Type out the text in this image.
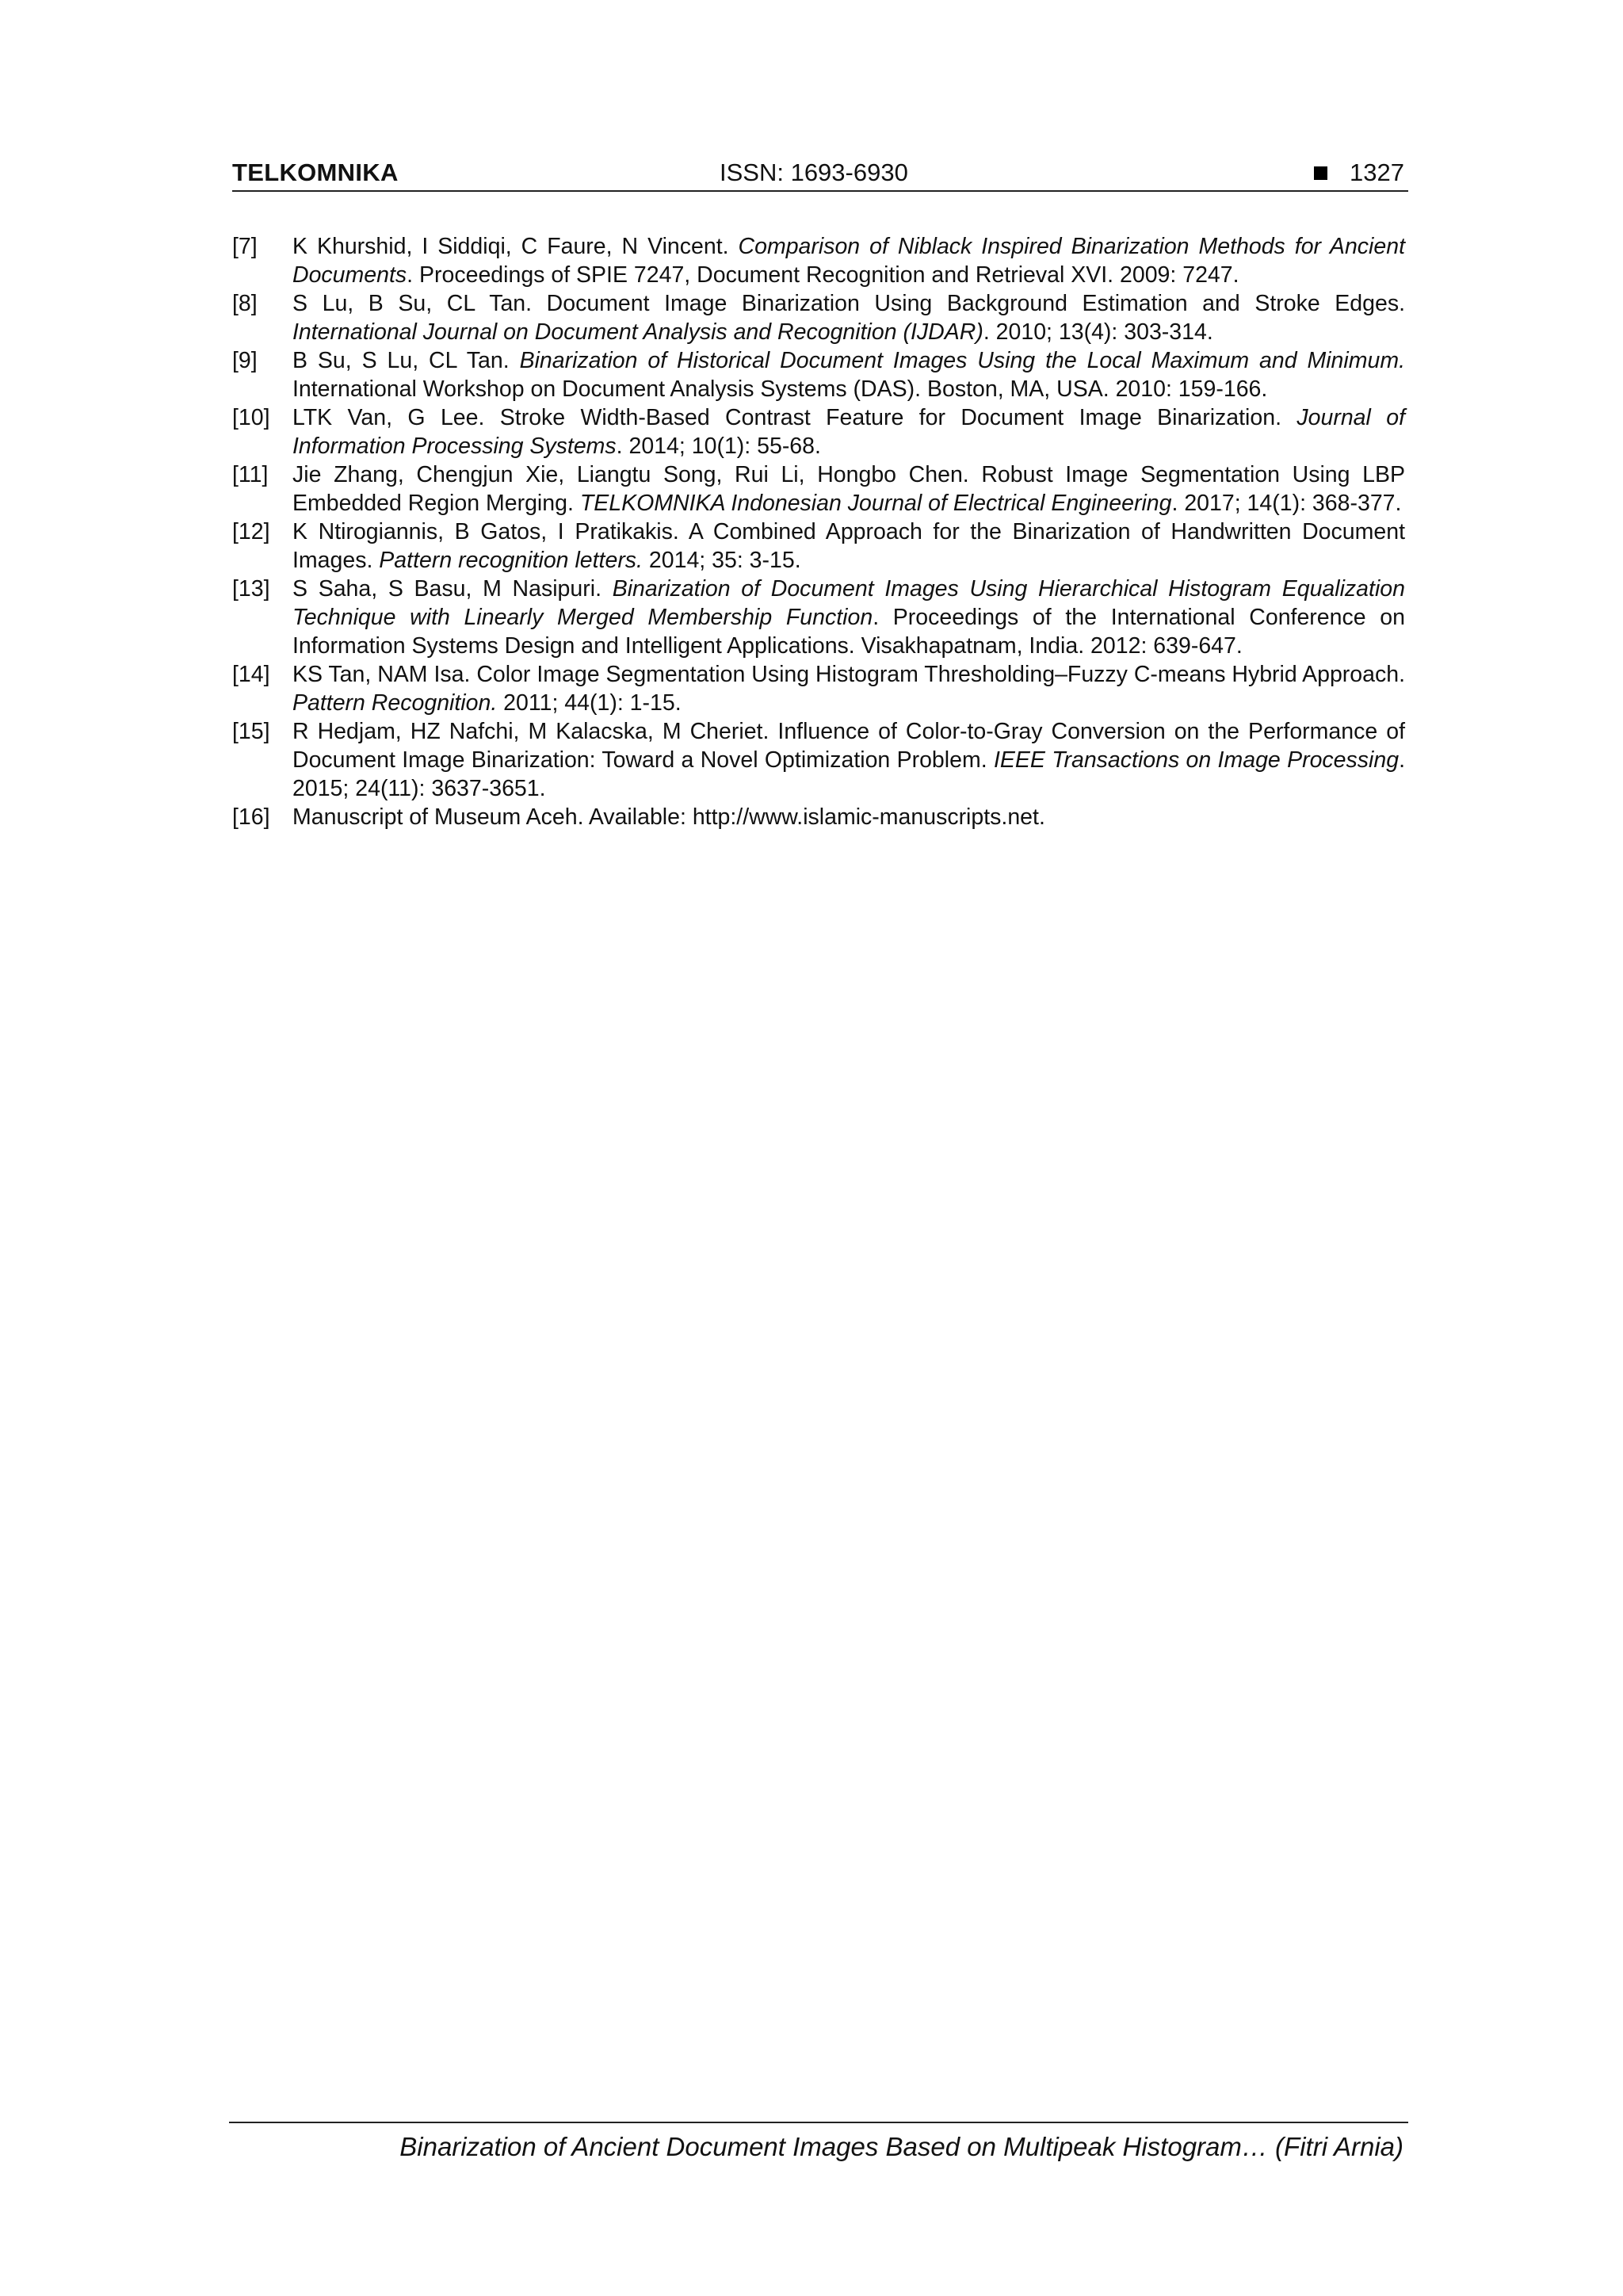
TELKOMNIKA	ISSN: 1693-6930	1327
[7]	K Khurshid, I Siddiqi, C Faure, N Vincent. Comparison of Niblack Inspired Binarization Methods for Ancient Documents. Proceedings of SPIE 7247, Document Recognition and Retrieval XVI. 2009: 7247.
[8]	S Lu, B Su, CL Tan. Document Image Binarization Using Background Estimation and Stroke Edges. International Journal on Document Analysis and Recognition (IJDAR). 2010; 13(4): 303-314.
[9]	B Su, S Lu, CL Tan. Binarization of Historical Document Images Using the Local Maximum and Minimum. International Workshop on Document Analysis Systems (DAS). Boston, MA, USA. 2010: 159-166.
[10] LTK Van, G Lee. Stroke Width-Based Contrast Feature for Document Image Binarization. Journal of Information Processing Systems. 2014; 10(1): 55-68.
[11]	Jie Zhang, Chengjun Xie, Liangtu Song, Rui Li, Hongbo Chen. Robust Image Segmentation Using LBP Embedded Region Merging. TELKOMNIKA Indonesian Journal of Electrical Engineering. 2017; 14(1): 368-377.
[12] K Ntirogiannis, B Gatos, I Pratikakis. A Combined Approach for the Binarization of Handwritten Document Images. Pattern recognition letters. 2014; 35: 3-15.
[13] S Saha, S Basu, M Nasipuri. Binarization of Document Images Using Hierarchical Histogram Equalization Technique with Linearly Merged Membership Function. Proceedings of the International Conference on Information Systems Design and Intelligent Applications. Visakhapatnam, India. 2012: 639-647.
[14] KS Tan, NAM Isa. Color Image Segmentation Using Histogram Thresholding–Fuzzy C-means Hybrid Approach. Pattern Recognition. 2011; 44(1): 1-15.
[15] R Hedjam, HZ Nafchi, M Kalacska, M Cheriet. Influence of Color-to-Gray Conversion on the Performance of Document Image Binarization: Toward a Novel Optimization Problem. IEEE Transactions on Image Processing. 2015; 24(11): 3637-3651.
[16] Manuscript of Museum Aceh. Available: http://www.islamic-manuscripts.net.
Binarization of Ancient Document Images Based on Multipeak Histogram… (Fitri Arnia)
